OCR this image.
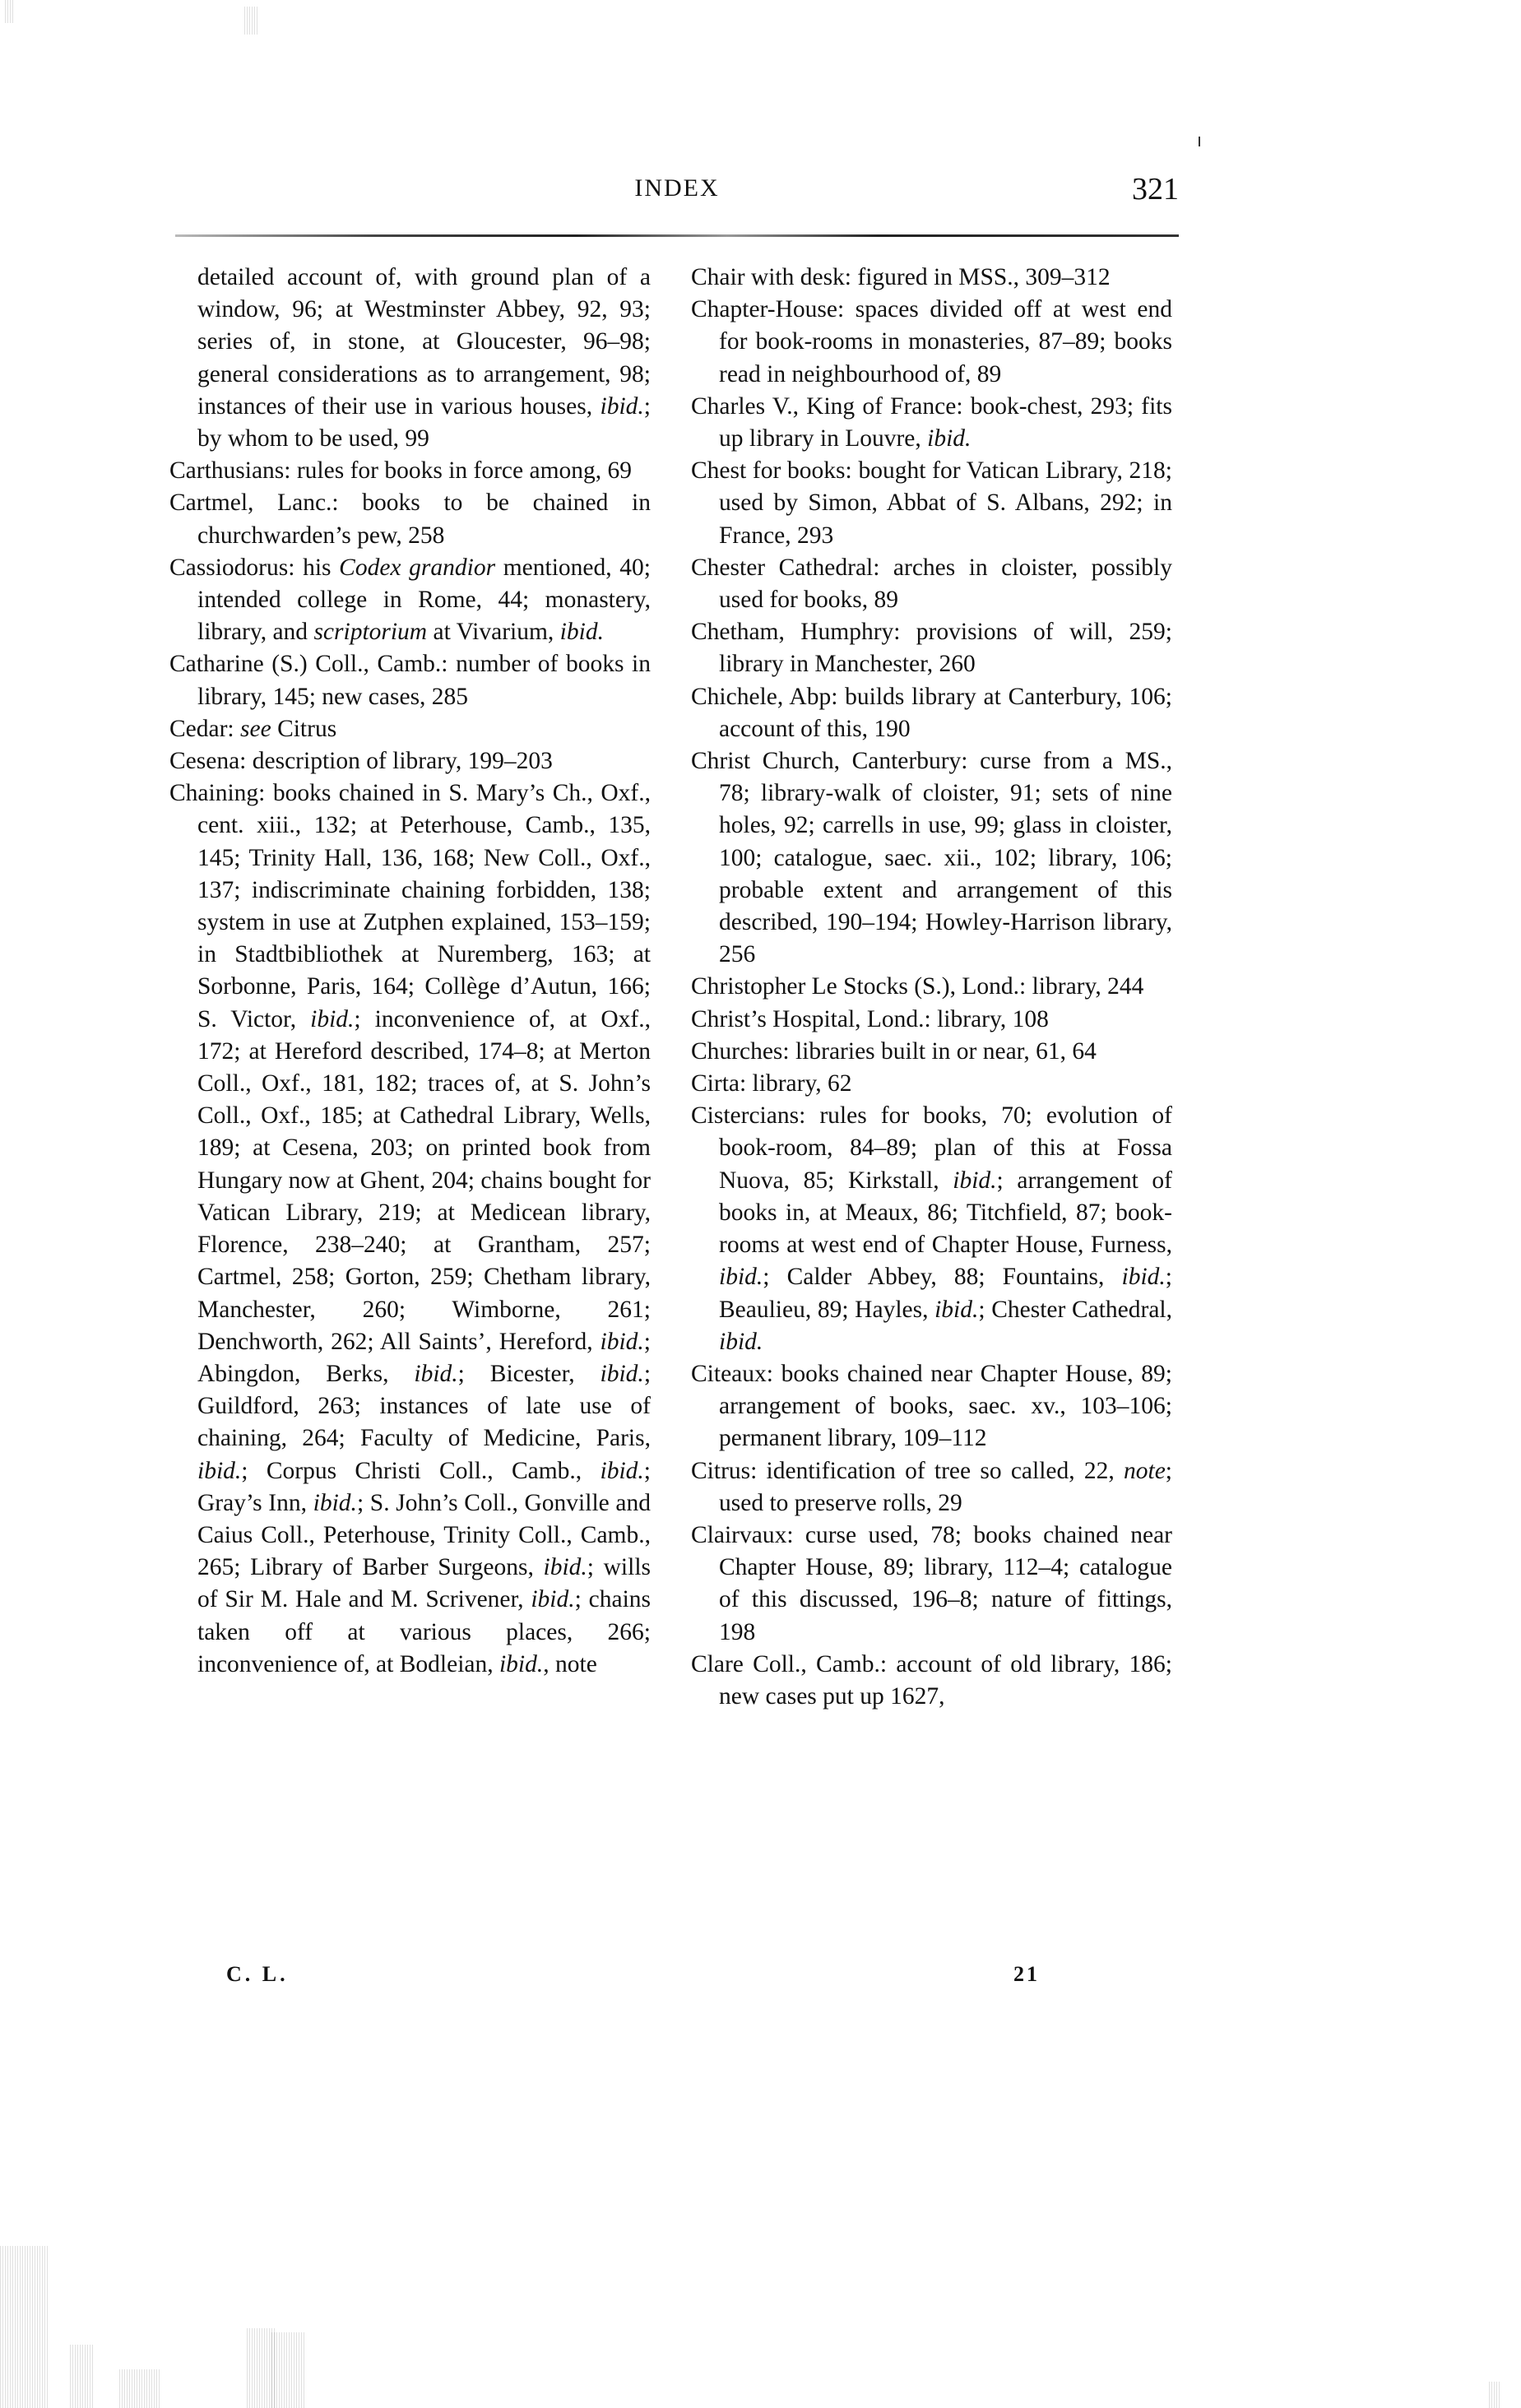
INDEX	321

detailed account of, with ground plan of a window, 96; at Westminster Abbey, 92, 93; series of, in stone, at Gloucester, 96–98; general considerations as to arrangement, 98; instances of their use in various houses, ibid.; by whom to be used, 99

Carthusians: rules for books in force among, 69

Cartmel, Lanc.: books to be chained in churchwarden’s pew, 258

Cassiodorus: his Codex grandior mentioned, 40; intended college in Rome, 44; monastery, library, and scriptorium at Vivarium, ibid.

Catharine (S.) Coll., Camb.: number of books in library, 145; new cases, 285

Cedar: see Citrus

Cesena: description of library, 199–203

Chaining: books chained in S. Mary’s Ch., Oxf., cent. xiii., 132; at Peterhouse, Camb., 135, 145; Trinity Hall, 136, 168; New Coll., Oxf., 137; indiscriminate chaining forbidden, 138; system in use at Zutphen explained, 153–159; in Stadtbibliothek at Nuremberg, 163; at Sorbonne, Paris, 164; Collège d’Autun, 166; S. Victor, ibid.; inconvenience of, at Oxf., 172; at Hereford described, 174–8; at Merton Coll., Oxf., 181, 182; traces of, at S. John’s Coll., Oxf., 185; at Cathedral Library, Wells, 189; at Cesena, 203; on printed book from Hungary now at Ghent, 204; chains bought for Vatican Library, 219; at Medicean library, Florence, 238–240; at Grantham, 257; Cartmel, 258; Gorton, 259; Chetham library, Manchester, 260; Wimborne, 261; Denchworth, 262; All Saints’, Hereford, ibid.; Abingdon, Berks, ibid.; Bicester, ibid.; Guildford, 263; instances of late use of chaining, 264; Faculty of Medicine, Paris, ibid.; Corpus Christi Coll., Camb., ibid.; Gray’s Inn, ibid.; S. John’s Coll., Gonville and Caius Coll., Peterhouse, Trinity Coll., Camb., 265; Library of Barber Surgeons, ibid.; wills of Sir M. Hale and M. Scrivener, ibid.; chains taken off at various places, 266; inconvenience of, at Bodleian, ibid., note

Chair with desk: figured in MSS., 309–312

Chapter-House: spaces divided off at west end for book-rooms in monasteries, 87–89; books read in neighbourhood of, 89

Charles V., King of France: book-chest, 293; fits up library in Louvre, ibid.

Chest for books: bought for Vatican Library, 218; used by Simon, Abbat of S. Albans, 292; in France, 293

Chester Cathedral: arches in cloister, possibly used for books, 89

Chetham, Humphry: provisions of will, 259; library in Manchester, 260

Chichele, Abp: builds library at Canterbury, 106; account of this, 190

Christ Church, Canterbury: curse from a MS., 78; library-walk of cloister, 91; sets of nine holes, 92; carrells in use, 99; glass in cloister, 100; catalogue, saec. xii., 102; library, 106; probable extent and arrangement of this described, 190–194; Howley-Harrison library, 256

Christopher Le Stocks (S.), Lond.: library, 244

Christ’s Hospital, Lond.: library, 108

Churches: libraries built in or near, 61, 64

Cirta: library, 62

Cistercians: rules for books, 70; evolution of book-room, 84–89; plan of this at Fossa Nuova, 85; Kirkstall, ibid.; arrangement of books in, at Meaux, 86; Titchfield, 87; book-rooms at west end of Chapter House, Furness, ibid.; Calder Abbey, 88; Fountains, ibid.; Beaulieu, 89; Hayles, ibid.; Chester Cathedral, ibid.

Citeaux: books chained near Chapter House, 89; arrangement of books, saec. xv., 103–106; permanent library, 109–112

Citrus: identification of tree so called, 22, note; used to preserve rolls, 29

Clairvaux: curse used, 78; books chained near Chapter House, 89; library, 112–4; catalogue of this discussed, 196–8; nature of fittings, 198

Clare Coll., Camb.: account of old library, 186; new cases put up 1627,

C. L.	21
